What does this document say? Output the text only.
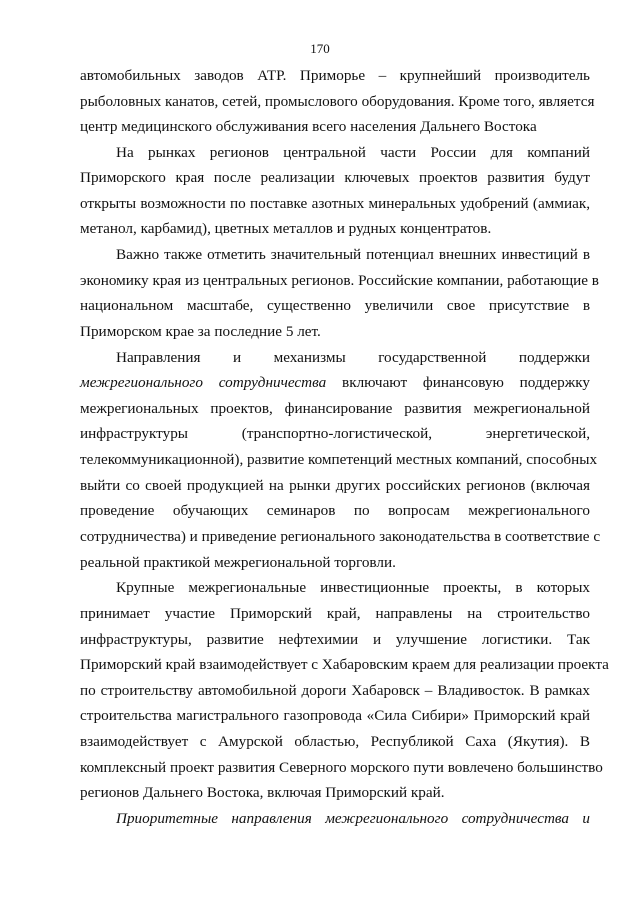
170
автомобильных заводов АТР. Приморье – крупнейший производитель
рыболовных канатов, сетей, промыслового оборудования. Кроме того, является
центр медицинского обслуживания всего населения Дальнего Востока
На рынках регионов центральной части России для компаний
Приморского края после реализации ключевых проектов развития будут
открыты возможности по поставке азотных минеральных удобрений (аммиак,
метанол, карбамид), цветных металлов и рудных концентратов.
Важно также отметить значительный потенциал внешних инвестиций в
экономику края из центральных регионов. Российские компании, работающие в
национальном масштабе, существенно увеличили свое присутствие в
Приморском крае за последние 5 лет.
Направления и механизмы государственной поддержки
межрегионального сотрудничества включают финансовую поддержку
межрегиональных проектов, финансирование развития межрегиональной
инфраструктуры (транспортно-логистической, энергетической,
телекоммуникационной), развитие компетенций местных компаний, способных
выйти со своей продукцией на рынки других российских регионов (включая
проведение обучающих семинаров по вопросам межрегионального
сотрудничества) и приведение регионального законодательства в соответствие с
реальной практикой межрегиональной торговли.
Крупные межрегиональные инвестиционные проекты, в которых
принимает участие Приморский край, направлены на строительство
инфраструктуры, развитие нефтехимии и улучшение логистики. Так
Приморский край взаимодействует с Хабаровским краем для реализации проекта
по строительству автомобильной дороги Хабаровск – Владивосток. В рамках
строительства магистрального газопровода «Сила Сибири» Приморский край
взаимодействует с Амурской областью, Республикой Саха (Якутия). В
комплексный проект развития Северного морского пути вовлечено большинство
регионов Дальнего Востока, включая Приморский край.
Приоритетные направления межрегионального сотрудничества и
